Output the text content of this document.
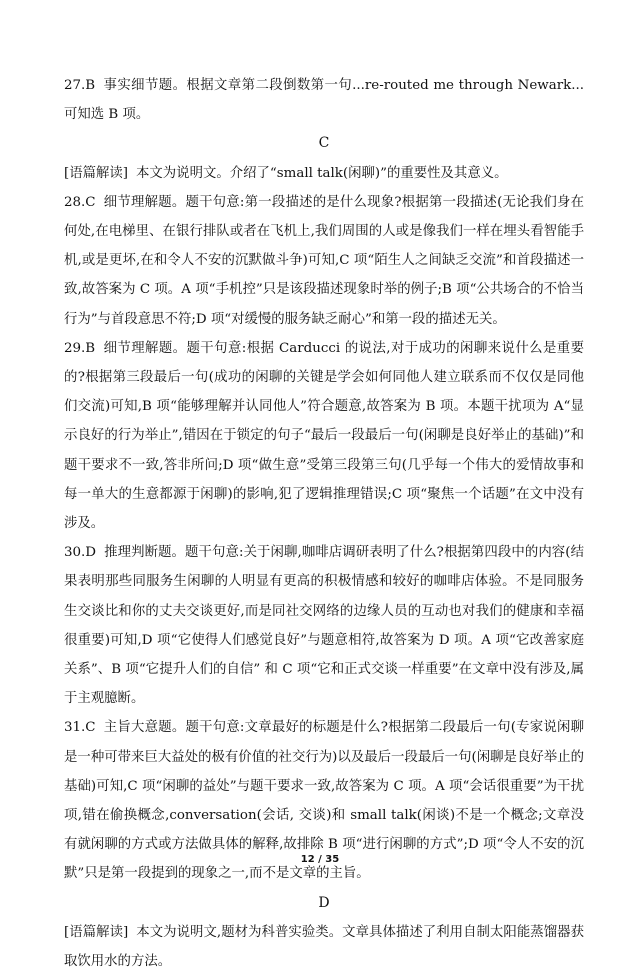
27.B 事实细节题。根据文章第二段倒数第一句...re-routed me through Newark...可知选 B 项。

C

[语篇解读] 本文为说明文。介绍了“small talk(闲聊)”的重要性及其意义。

28.C 细节理解题。题干句意:第一段描述的是什么现象?根据第一段描述(无论我们身在何处,在电梯里、在银行排队或者在飞机上,我们周围的人或是像我们一样在埋头看智能手机,或是更坏,在和令人不安的沉默做斗争)可知,C 项“陌生人之间缺乏交流”和首段描述一致,故答案为 C 项。A 项“手机控”只是该段描述现象时举的例子;B 项“公共场合的不恰当行为”与首段意思不符;D 项“对缓慢的服务缺乏耐心”和第一段的描述无关。

29.B 细节理解题。题干句意:根据 Carducci 的说法,对于成功的闲聊来说什么是重要的?根据第三段最后一句(成功的闲聊的关键是学会如何同他人建立联系而不仅仅是同他们交流)可知,B 项“能够理解并认同他人”符合题意,故答案为 B 项。本题干扰项为 A“显示良好的行为举止”,错因在于锁定的句子“最后一段最后一句(闲聊是良好举止的基础)”和题干要求不一致,答非所问;D 项“做生意”受第三段第三句(几乎每一个伟大的爱情故事和每一单大的生意都源于闲聊)的影响,犯了逻辑推理错误;C 项“聚焦一个话题”在文中没有涉及。

30.D 推理判断题。题干句意:关于闲聊,咖啡店调研表明了什么?根据第四段中的内容(结果表明那些同服务生闲聊的人明显有更高的积极情感和较好的咖啡店体验。不是同服务生交谈比和你的丈夫交谈更好,而是同社交网络的边缘人员的互动也对我们的健康和幸福很重要)可知,D 项“它使得人们感觉良好”与题意相符,故答案为 D 项。A 项“它改善家庭关系”、B 项“它提升人们的自信” 和 C 项“它和正式交谈一样重要”在文章中没有涉及,属于主观臆断。

31.C 主旨大意题。题干句意:文章最好的标题是什么?根据第二段最后一句(专家说闲聊是一种可带来巨大益处的极有价值的社交行为)以及最后一段最后一句(闲聊是良好举止的基础)可知,C 项“闲聊的益处”与题干要求一致,故答案为 C 项。A 项“会话很重要”为干扰项,错在偷换概念,conversation(会话, 交谈)和 small talk(闲谈)不是一个概念;文章没有就闲聊的方式或方法做具体的解释,故排除 B 项“进行闲聊的方式”;D 项“令人不安的沉默”只是第一段提到的现象之一,而不是文章的主旨。

D

[语篇解读] 本文为说明文,题材为科普实验类。文章具体描述了利用自制太阳能蒸馏器获取饮用水的方法。

12 / 35
